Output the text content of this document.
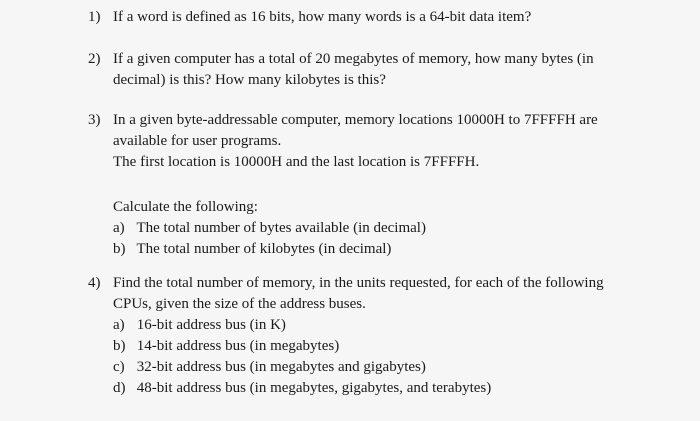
1) If a word is defined as 16 bits, how many words is a 64-bit data item?
2) If a given computer has a total of 20 megabytes of memory, how many bytes (in
decimal) is this? How many kilobytes is this?
3) In a given byte-addressable computer, memory locations 10000H to 7FFFFH are
available for user programs.
The first location is 10000H and the last location is 7FFFFH.
Calculate the following:
a) The total number of bytes available (in decimal)
b) The total number of kilobytes (in decimal)
4) Find the total number of memory, in the units requested, for each of the following
CPUs, given the size of the address buses.
a) 16-bit address bus (in K)
b) 14-bit address bus (in megabytes)
c) 32-bit address bus (in megabytes and gigabytes)
d) 48-bit address bus (in megabytes, gigabytes, and terabytes)
